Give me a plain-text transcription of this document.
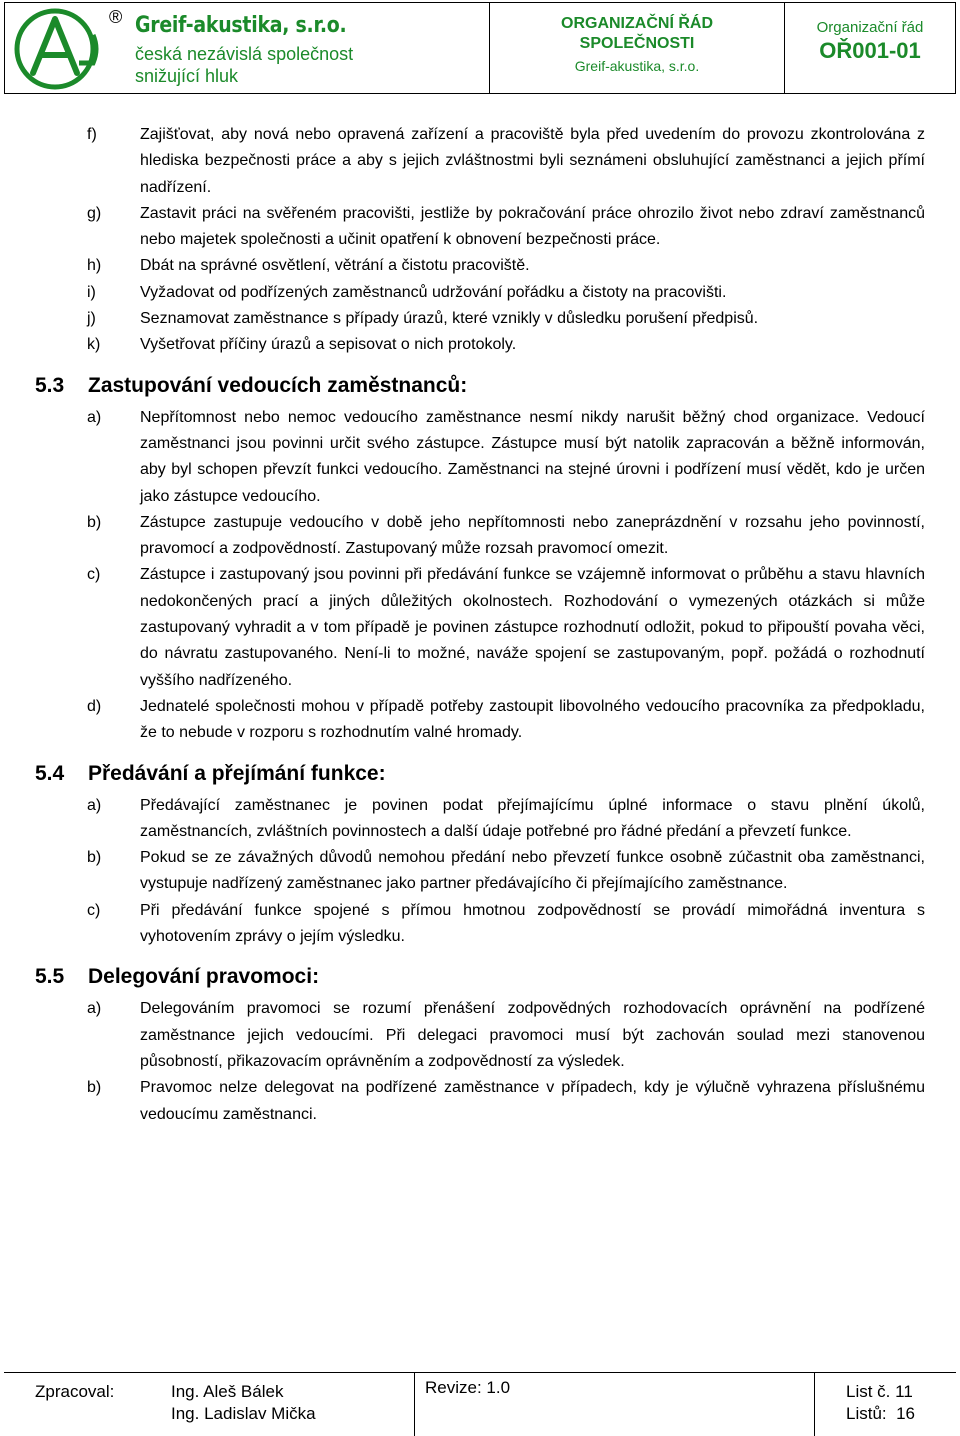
® Greif-akustika, s.r.o.
česká nezávislá společnost
snižující hluk
ORGANIZAČNÍ ŘÁD
SPOLEČNOSTI
Greif-akustika, s.r.o.
Organizační řád
OŘ001-01
f)	Zajišťovat, aby nová nebo opravená zařízení a pracoviště byla před uvedením do provozu zkontrolována z hlediska bezpečnosti práce a aby s jejich zvláštnostmi byli seznámeni obsluhující zaměstnanci a jejich přímí nadřízení.
g)	Zastavit práci na svěřeném pracovišti, jestliže by pokračování práce ohrozilo život nebo zdraví zaměstnanců nebo majetek společnosti a učinit opatření k obnovení bezpečnosti práce.
h)	Dbát na správné osvětlení, větrání a čistotu pracoviště.
i)	Vyžadovat od podřízených zaměstnanců udržování pořádku a čistoty na pracovišti.
j)	Seznamovat zaměstnance s případy úrazů, které vznikly v důsledku porušení předpisů.
k)	Vyšetřovat příčiny úrazů a sepisovat o nich protokoly.
5.3	Zastupování vedoucích zaměstnanců:
a)	Nepřítomnost nebo nemoc vedoucího zaměstnance nesmí nikdy narušit běžný chod organizace. Vedoucí zaměstnanci jsou povinni určit svého zástupce. Zástupce musí být natolik zapracován a běžně informován, aby byl schopen převzít funkci vedoucího. Zaměstnanci na stejné úrovni i podřízení musí vědět, kdo je určen jako zástupce vedoucího.
b)	Zástupce zastupuje vedoucího v době jeho nepřítomnosti nebo zaneprázdnění v rozsahu jeho povinností, pravomocí a zodpovědností. Zastupovaný může rozsah pravomocí omezit.
c)	Zástupce i zastupovaný jsou povinni při předávání funkce se vzájemně informovat o průběhu a stavu hlavních nedokončených prací a jiných důležitých okolnostech. Rozhodování o vymezených otázkách si může zastupovaný vyhradit a v tom případě je povinen zástupce rozhodnutí odložit, pokud to připouští povaha věci, do návratu zastupovaného. Není-li to možné, naváže spojení se zastupovaným, popř. požádá o rozhodnutí vyššího nadřízeného.
d)	Jednatelé společnosti mohou v případě potřeby zastoupit libovolného vedoucího pracovníka za předpokladu, že to nebude v rozporu s rozhodnutím valné hromady.
5.4	Předávání a přejímání funkce:
a)	Předávající zaměstnanec je povinen podat přejímajícímu úplné informace o stavu plnění úkolů, zaměstnancích, zvláštních povinnostech a další údaje potřebné pro řádné předání a převzetí funkce.
b)	Pokud se ze závažných důvodů nemohou předání nebo převzetí funkce osobně zúčastnit oba zaměstnanci, vystupuje nadřízený zaměstnanec jako partner předávajícího či přejímajícího zaměstnance.
c)	Při předávání funkce spojené s přímou hmotnou zodpovědností se provádí mimořádná inventura s vyhotovením zprávy o jejím výsledku.
5.5	Delegování pravomoci:
a)	Delegováním pravomoci se rozumí přenášení zodpovědných rozhodovacích oprávnění na podřízené zaměstnance jejich vedoucími. Při delegaci pravomoci musí být zachován soulad mezi stanovenou působností, přikazovacím oprávněním a zodpovědností za výsledek.
b)	Pravomoc nelze delegovat na podřízené zaměstnance v případech, kdy je výlučně vyhrazena příslušnému vedoucímu zaměstnanci.
Zpracoval:	Ing. Aleš Bálek
Ing. Ladislav Mička
Revize: 1.0	List č. 11
Listů:  16
